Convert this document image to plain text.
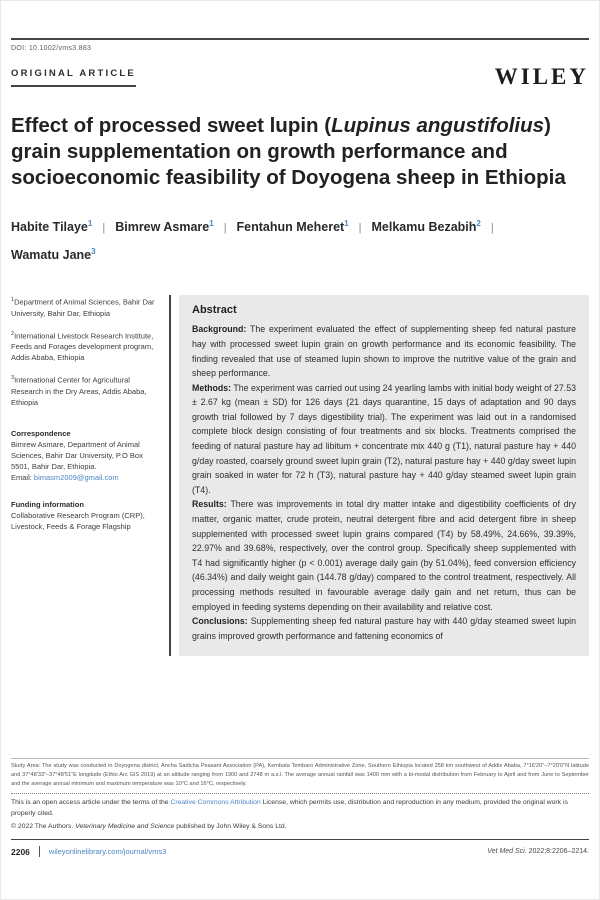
DOI: 10.1002/vms3.883
ORIGINAL ARTICLE	WILEY
Effect of processed sweet lupin (Lupinus angustifolius) grain supplementation on growth performance and socioeconomic feasibility of Doyogena sheep in Ethiopia
Habite Tilaye$^1$ | Bimrew Asmare$^1$ | Fentahun Meheret$^1$ | Melkamu Bezabih$^2$ |Wamatu Jane$^3$
$^1$Department of Animal Sciences, Bahir Dar University, Bahir Dar, Ethiopia
$^2$International Livestock Research Institute, Feeds and Forages development program, Addis Ababa, Ethiopia
$^3$International Center for Agricultural Research in the Dry Areas, Addis Ababa, Ethiopia
Correspondence
Bimrew Asmare, Department of Animal Sciences, Bahir Dar University, P.O Box 5501, Bahir Dar, Ethiopia.
Email: bimasm2009@gmail.com
Funding information
Collaborative Research Program (CRP), Livestock, Feeds & Forage Flagship
Abstract

Background: The experiment evaluated the effect of supplementing sheep fed natural pasture hay with processed sweet lupin grain on growth performance and its economic feasibility. The finding revealed that use of steamed lupin shown to improve the nutritive value of the grain and sheep performance.

Methods: The experiment was carried out using 24 yearling lambs with initial body weight of 27.53 ± 2.67 kg (mean ± SD) for 126 days (21 days quarantine, 15 days of adaptation and 90 days growth trial followed by 7 days digestibility trial). The experiment was laid out in a randomised complete block design consisting of four treatments and six blocks. Treatments comprised the feeding of natural pasture hay ad libitum + concentrate mix 440 g (T1), natural pasture hay + 440 g/day roasted, coarsely ground sweet lupin grain (T2), natural pasture hay + 440 g/day sweet lupin grain soaked in water for 72 h (T3), natural pasture hay + 440 g/day steamed sweet lupin grain (T4).

Results: There was improvements in total dry matter intake and digestibility coefficients of dry matter, organic matter, crude protein, neutral detergent fibre and acid detergent fibre in sheep supplemented with processed sweet lupin grains compared (T4) by 58.49%, 24.66%, 39.39%, 22.97% and 39.68%, respectively, over the control group. Specifically sheep supplemented with T4 had significantly higher (p < 0.001) average daily gain (by 51.04%), feed conversion efficiency (46.34%) and daily weight gain (144.78 g/day) compared to the control treatment, respectively. All processing methods resulted in favourable average daily gain and net return, thus can be employed in feeding systems depending on their availability and relative cost.

Conclusions: Supplementing sheep fed natural pasture hay with 440 g/day steamed sweet lupin grains improved growth performance and fattening economics of

Study Area: The study was conducted in Doyogena district, Ancha Sadicha Peasant Association (PA), Kembata Tembaro Administrative Zone, Southern Ethiopia located 258 km southwest of Addis Ababa, 7°16′20″–7°20′0″N latitude and 37°48′33″–37°48′51″E longitude (Ethio Arc GIS 2019) at an altitude ranging from 1900 and 2748 m a.s.l. The average annual rainfall was 1400 mm with a bi-modal distribution from February to April and from June to September and the average annual minimum and maximum temperature was 10°C and 16°C, respectively.
This is an open access article under the terms of the Creative Commons Attribution License, which permits use, distribution and reproduction in any medium, provided the original work is properly cited.
© 2022 The Authors. Veterinary Medicine and Science published by John Wiley & Sons Ltd.
2206	wileyonlinelibrary.com/journal/vms3	Vet Med Sci. 2022;8:2206–2214.
